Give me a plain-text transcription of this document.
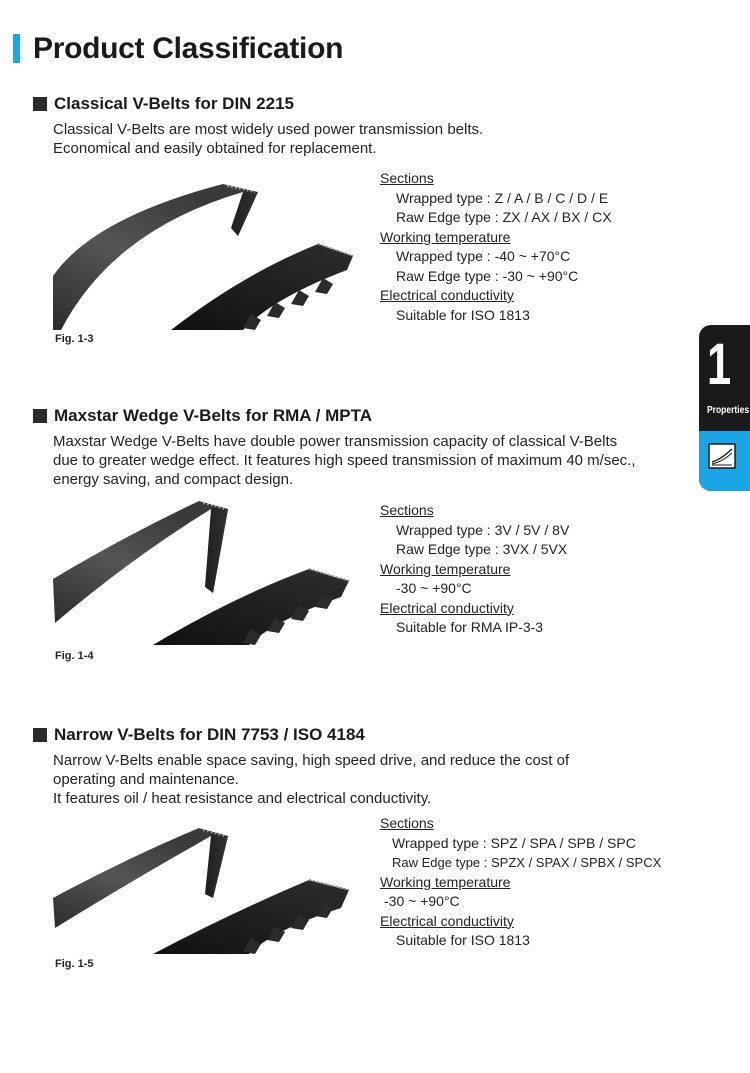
Product Classification
Classical V-Belts for DIN 2215
Classical V-Belts are most widely used power transmission belts.
Economical and easily obtained for replacement.
Fig. 1-3
Sections
Wrapped type : Z / A / B / C / D / E
Raw Edge type : ZX / AX / BX / CX
Working temperature
Wrapped type : -40 ~ +70°C
Raw Edge type : -30 ~ +90°C
Electrical conductivity
Suitable for ISO 1813
Maxstar Wedge V-Belts for RMA / MPTA
Maxstar Wedge V-Belts have double power transmission capacity of classical V-Belts
due to greater wedge effect. It features high speed transmission of maximum 40 m/sec.,
energy saving, and compact design.
Fig. 1-4
Sections
Wrapped type : 3V / 5V / 8V
Raw Edge type : 3VX / 5VX
Working temperature
-30 ~ +90°C
Electrical conductivity
Suitable for RMA IP-3-3
Narrow V-Belts for DIN 7753 / ISO 4184
Narrow V-Belts enable space saving, high speed drive, and reduce the cost of
operating and maintenance.
It features oil / heat resistance and electrical conductivity.
Fig. 1-5
Sections
Wrapped type : SPZ / SPA / SPB / SPC
Raw Edge type : SPZX / SPAX / SPBX / SPCX
Working temperature
-30 ~ +90°C
Electrical conductivity
Suitable for ISO 1813
1
Properties
